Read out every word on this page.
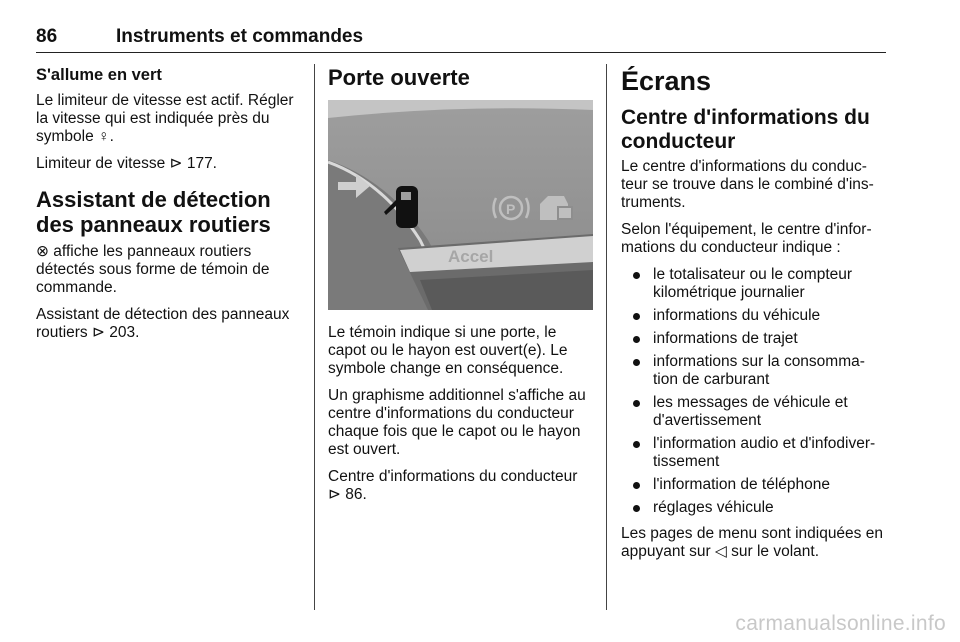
86	Instruments et commandes
S'allume en vert

Le limiteur de vitesse est actif. Régler la vitesse qui est indiquée près du symbole ♀.

Limiteur de vitesse ⊳ 177.

Assistant de détection des panneaux routiers

⊗ affiche les panneaux routiers détectés sous forme de témoin de commande.

Assistant de détection des panneaux routiers ⊳ 203.

Porte ouverte
P
Accel

Le témoin indique si une porte, le capot ou le hayon est ouvert(e). Le symbole change en conséquence.

Un graphisme additionnel s'affiche au centre d'informations du conducteur chaque fois que le capot ou le hayon est ouvert.

Centre d'informations du conducteur ⊳ 86.

Écrans
Centre d'informations du conducteur

Le centre d'informations du conduc-teur se trouve dans le combiné d'ins-truments.

Selon l'équipement, le centre d'infor-mations du conducteur indique :

le totalisateur ou le compteur kilométrique journalier
informations du véhicule
informations de trajet
informations sur la consomma-tion de carburant
les messages de véhicule et d'avertissement
l'information audio et d'infodiver-tissement
l'information de téléphone
réglages véhicule

Les pages de menu sont indiquées en appuyant sur ◁ sur le volant.

carmanualsonline.info
